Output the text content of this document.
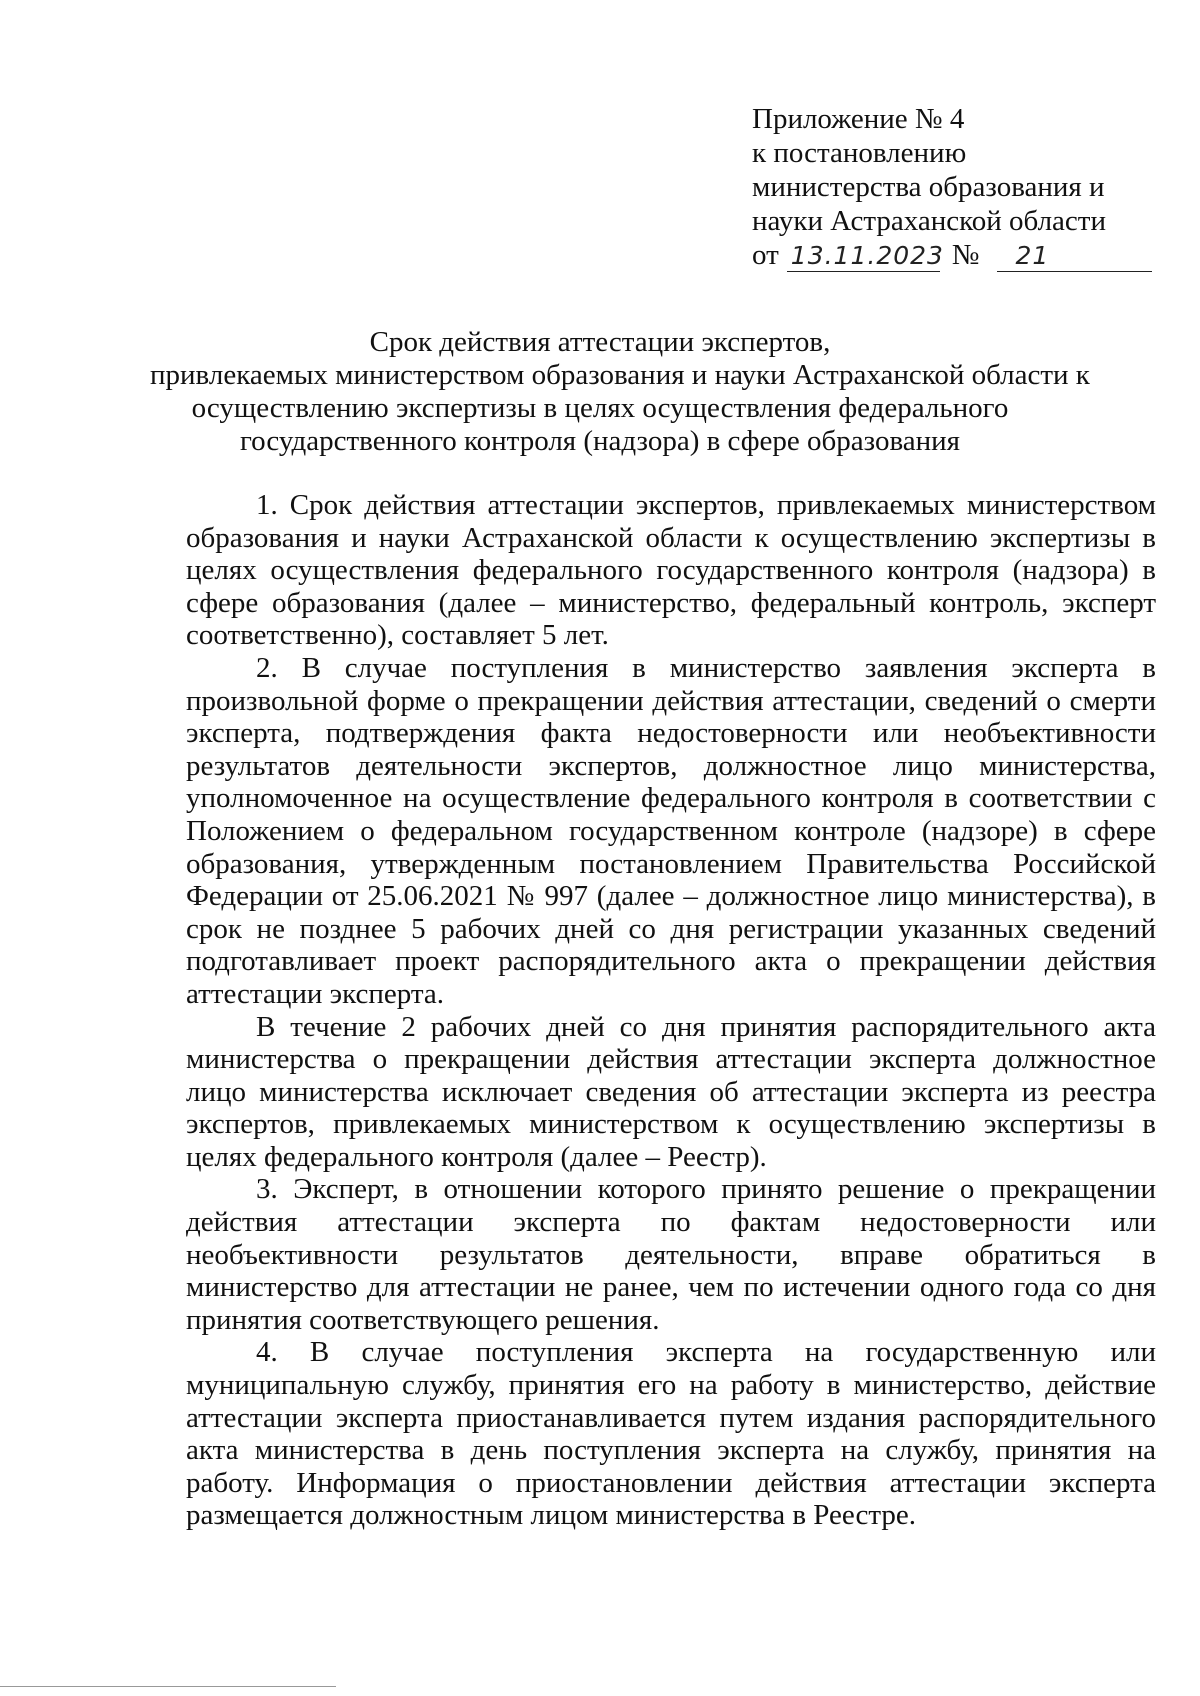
Приложение № 4
к постановлению
министерства образования и
науки Астраханской области
от 13.11.2023 №	21
Срок действия аттестации экспертов,
привлекаемых министерством образования и науки Астраханской области к
осуществлению экспертизы в целях осуществления федерального
государственного контроля (надзора) в сфере образования

1. Срок действия аттестации экспертов, привлекаемых министерством образования и науки Астраханской области к осуществлению экспертизы в целях осуществления федерального государственного контроля (надзора) в сфере образования (далее – министерство, федеральный контроль, эксперт соответственно), составляет 5 лет.

2. В случае поступления в министерство заявления эксперта в произвольной форме о прекращении действия аттестации, сведений о смерти эксперта, подтверждения факта недостоверности или необъективности результатов деятельности экспертов, должностное лицо министерства, уполномоченное на осуществление федерального контроля в соответствии с Положением о федеральном государственном контроле (надзоре) в сфере образования, утвержденным постановлением Правительства Российской Федерации от 25.06.2021 № 997 (далее – должностное лицо министерства), в срок не позднее 5 рабочих дней со дня регистрации указанных сведений подготавливает проект распорядительного акта о прекращении действия аттестации эксперта.

В течение 2 рабочих дней со дня принятия распорядительного акта министерства о прекращении действия аттестации эксперта должностное лицо министерства исключает сведения об аттестации эксперта из реестра экспертов, привлекаемых министерством к осуществлению экспертизы в целях федерального контроля (далее – Реестр).

3. Эксперт, в отношении которого принято решение о прекращении действия аттестации эксперта по фактам недостоверности или необъективности результатов деятельности, вправе обратиться в министерство для аттестации не ранее, чем по истечении одного года со дня принятия соответствующего решения.

4. В случае поступления эксперта на государственную или муниципальную службу, принятия его на работу в министерство, действие аттестации эксперта приостанавливается путем издания распорядительного акта министерства в день поступления эксперта на службу, принятия на работу. Информация о приостановлении действия аттестации эксперта размещается должностным лицом министерства в Реестре.
